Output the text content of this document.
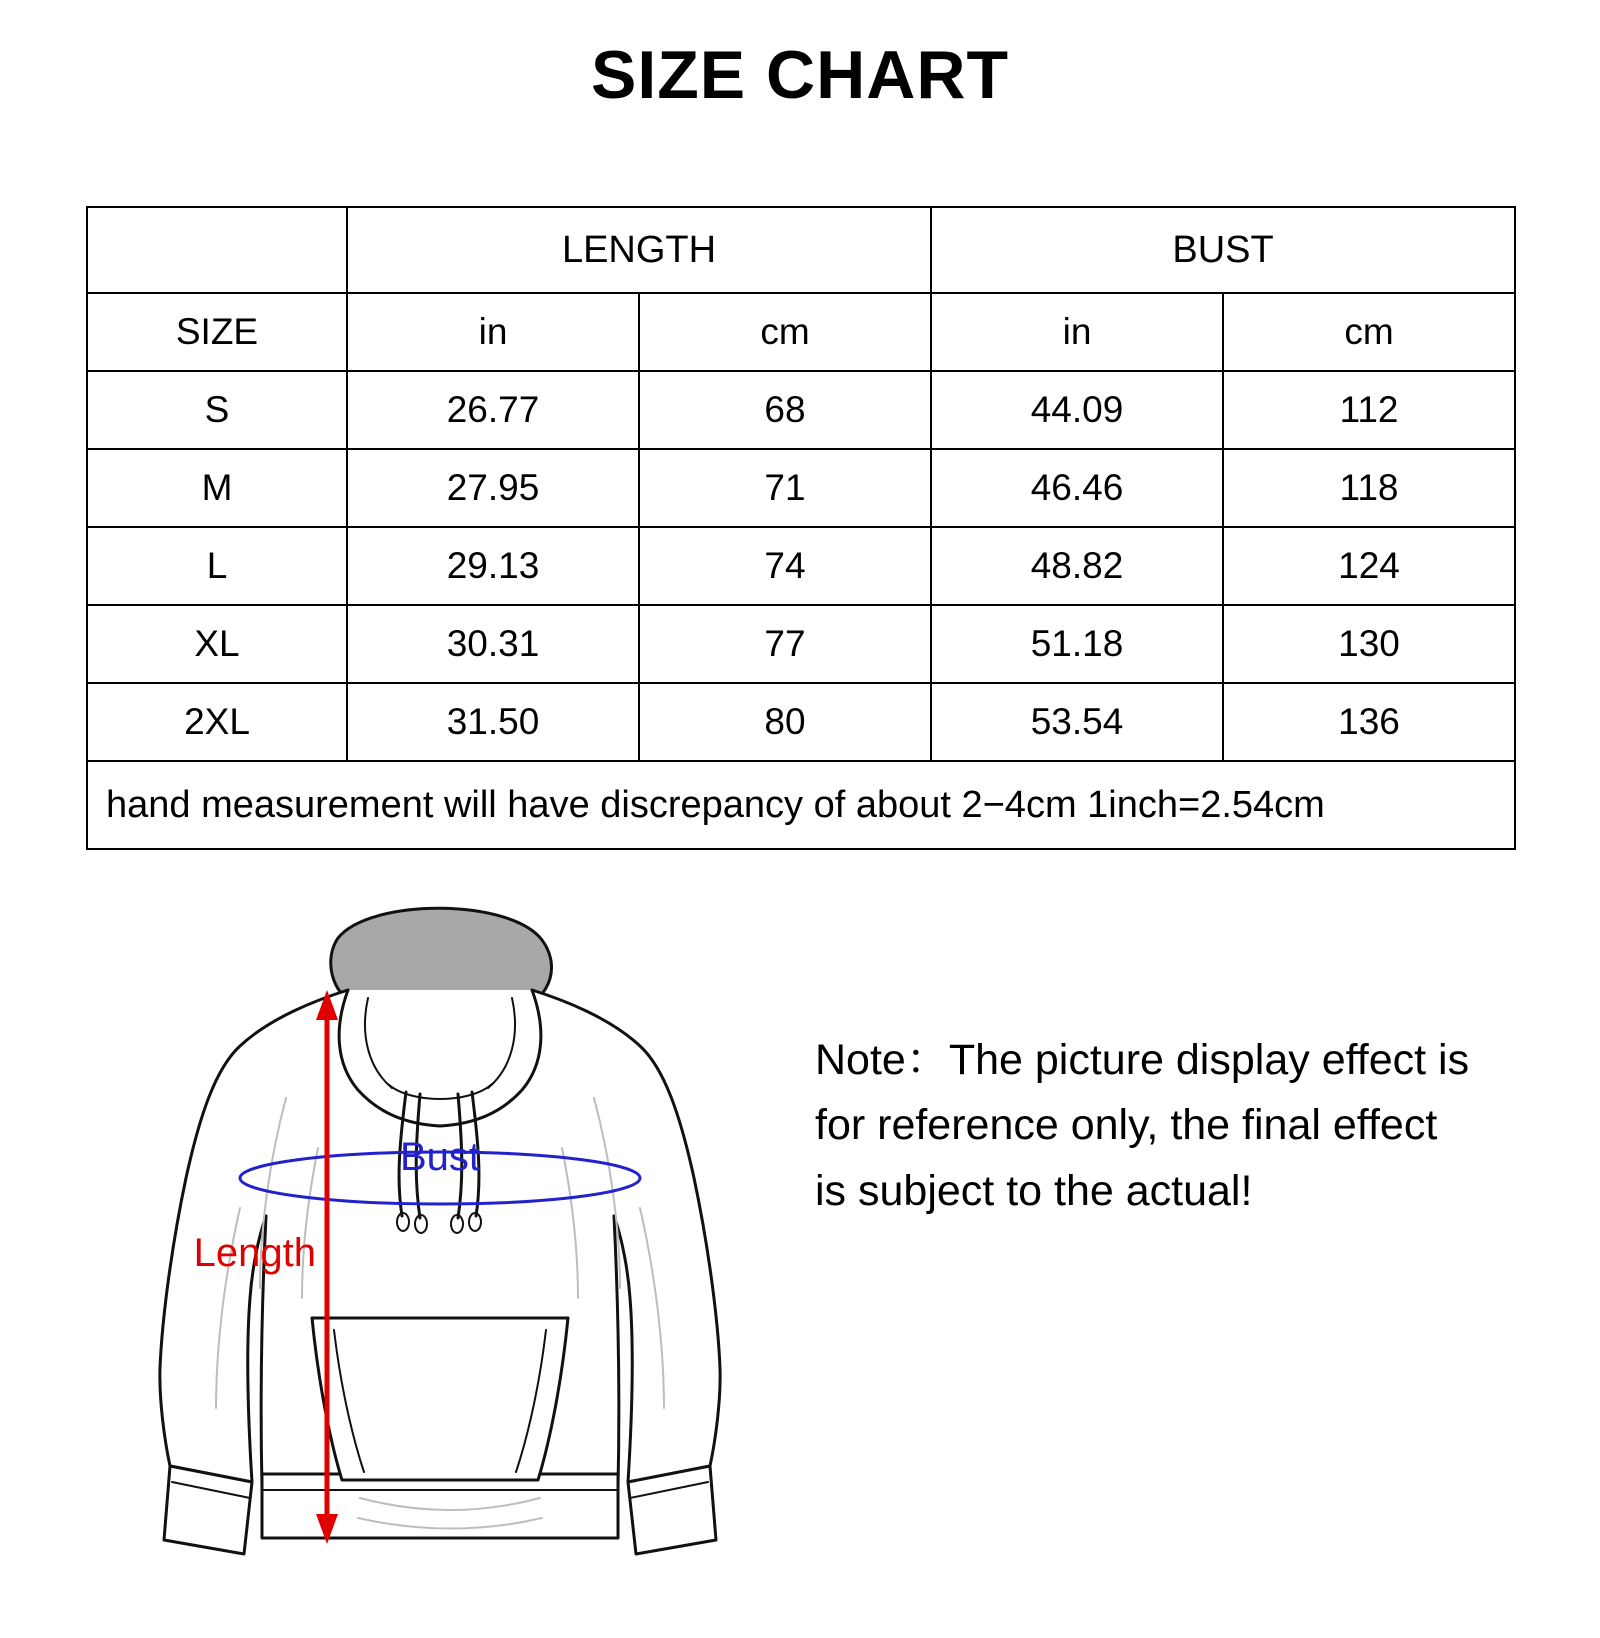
SIZE CHART
	LENGTH		BUST	
SIZE	in	cm	in	cm
S	26.77	68	44.09	112
M	27.95	71	46.46	118
L	29.13	74	48.82	124
XL	30.31	77	51.18	130
2XL	31.50	80	53.54	136
hand measurement will have discrepancy of about 2−4cm 1inch=2.54cm				
Bust
Length
Note：The picture display effect is for reference only, the final effect is subject to the actual!
